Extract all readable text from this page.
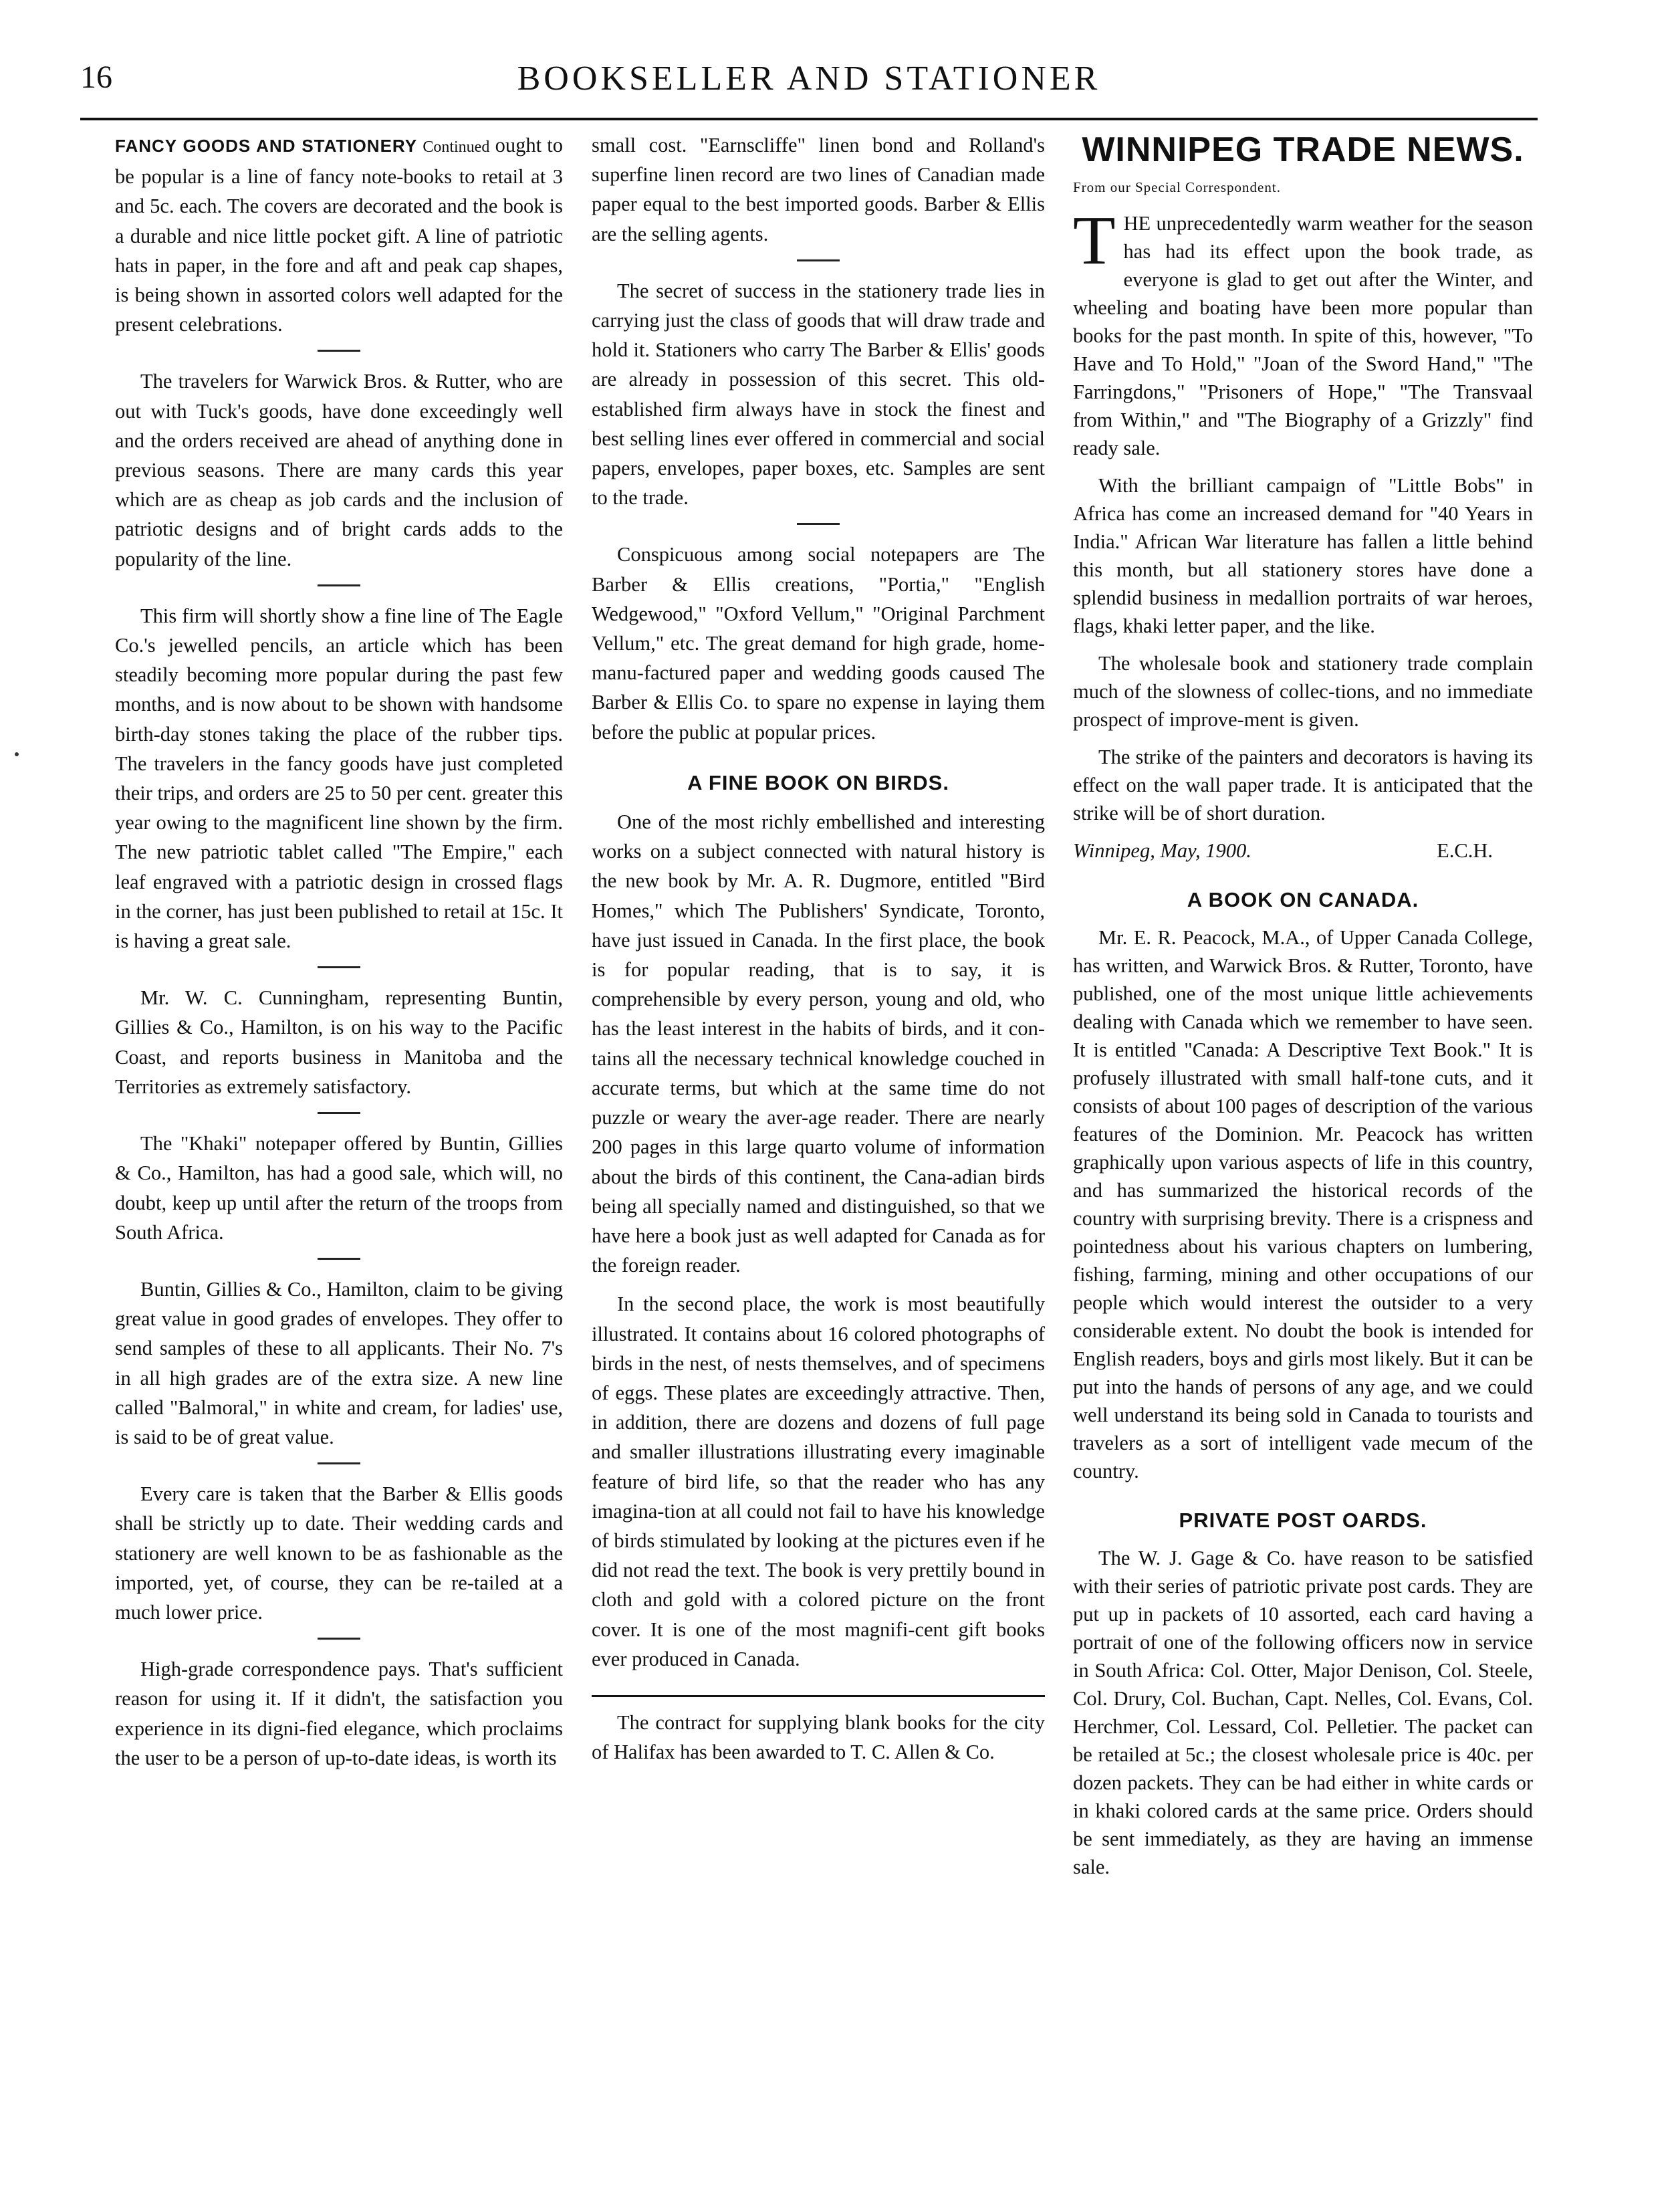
16	BOOKSELLER AND STATIONER

FANCY GOODS AND STATIONERY Continued ought to be popular is a line of fancy note-books to retail at 3 and 5c. each. The covers are decorated and the book is a durable and nice little pocket gift. A line of patriotic hats in paper, in the fore and aft and peak cap shapes, is being shown in assorted colors well adapted for the present celebrations.

The travelers for Warwick Bros. & Rutter, who are out with Tuck's goods, have done exceedingly well and the orders received are ahead of anything done in previous seasons. There are many cards this year which are as cheap as job cards and the inclusion of patriotic designs and of bright cards adds to the popularity of the line.

This firm will shortly show a fine line of The Eagle Co.'s jewelled pencils, an article which has been steadily becoming more popular during the past few months, and is now about to be shown with handsome birth-day stones taking the place of the rubber tips. The travelers in the fancy goods have just completed their trips, and orders are 25 to 50 per cent. greater this year owing to the magnificent line shown by the firm. The new patriotic tablet called "The Empire," each leaf engraved with a patriotic design in crossed flags in the corner, has just been published to retail at 15c. It is having a great sale.

Mr. W. C. Cunningham, representing Buntin, Gillies & Co., Hamilton, is on his way to the Pacific Coast, and reports business in Manitoba and the Territories as extremely satisfactory.

The "Khaki" notepaper offered by Buntin, Gillies & Co., Hamilton, has had a good sale, which will, no doubt, keep up until after the return of the troops from South Africa.

Buntin, Gillies & Co., Hamilton, claim to be giving great value in good grades of envelopes. They offer to send samples of these to all applicants. Their No. 7's in all high grades are of the extra size. A new line called "Balmoral," in white and cream, for ladies' use, is said to be of great value.

Every care is taken that the Barber & Ellis goods shall be strictly up to date. Their wedding cards and stationery are well known to be as fashionable as the imported, yet, of course, they can be re-tailed at a much lower price.

High-grade correspondence pays. That's sufficient reason for using it. If it didn't, the satisfaction you experience in its digni-fied elegance, which proclaims the user to be a person of up-to-date ideas, is worth its

small cost. "Earnscliffe" linen bond and Rolland's superfine linen record are two lines of Canadian made paper equal to the best imported goods. Barber & Ellis are the selling agents.

The secret of success in the stationery trade lies in carrying just the class of goods that will draw trade and hold it. Stationers who carry The Barber & Ellis' goods are already in possession of this secret. This old-established firm always have in stock the finest and best selling lines ever offered in commercial and social papers, envelopes, paper boxes, etc. Samples are sent to the trade.

Conspicuous among social notepapers are The Barber & Ellis creations, "Portia," "English Wedgewood," "Oxford Vellum," "Original Parchment Vellum," etc. The great demand for high grade, home-manu-factured paper and wedding goods caused The Barber & Ellis Co. to spare no expense in laying them before the public at popular prices.

A FINE BOOK ON BIRDS.

One of the most richly embellished and interesting works on a subject connected with natural history is the new book by Mr. A. R. Dugmore, entitled "Bird Homes," which The Publishers' Syndicate, Toronto, have just issued in Canada. In the first place, the book is for popular reading, that is to say, it is comprehensible by every person, young and old, who has the least interest in the habits of birds, and it con-tains all the necessary technical knowledge couched in accurate terms, but which at the same time do not puzzle or weary the aver-age reader. There are nearly 200 pages in this large quarto volume of information about the birds of this continent, the Cana-adian birds being all specially named and distinguished, so that we have here a book just as well adapted for Canada as for the foreign reader.

In the second place, the work is most beautifully illustrated. It contains about 16 colored photographs of birds in the nest, of nests themselves, and of specimens of eggs. These plates are exceedingly attractive. Then, in addition, there are dozens and dozens of full page and smaller illustrations illustrating every imaginable feature of bird life, so that the reader who has any imagina-tion at all could not fail to have his knowledge of birds stimulated by looking at the pictures even if he did not read the text. The book is very prettily bound in cloth and gold with a colored picture on the front cover. It is one of the most magnifi-cent gift books ever produced in Canada.

The contract for supplying blank books for the city of Halifax has been awarded to T. C. Allen & Co.

WINNIPEG TRADE NEWS.
From our Special Correspondent.

T HE unprecedentedly warm weather for the season has had its effect upon the book trade, as everyone is glad to get out after the Winter, and wheeling and boating have been more popular than books for the past month. In spite of this, however, "To Have and To Hold," "Joan of the Sword Hand," "The Farringdons," "Prisoners of Hope," "The Transvaal from Within," and "The Biography of a Grizzly" find ready sale.

With the brilliant campaign of "Little Bobs" in Africa has come an increased demand for "40 Years in India." African War literature has fallen a little behind this month, but all stationery stores have done a splendid business in medallion portraits of war heroes, flags, khaki letter paper, and the like.

The wholesale book and stationery trade complain much of the slowness of collec-tions, and no immediate prospect of improve-ment is given.

The strike of the painters and decorators is having its effect on the wall paper trade. It is anticipated that the strike will be of short duration.

Winnipeg, May, 1900.	E.C.H.
A BOOK ON CANADA.

Mr. E. R. Peacock, M.A., of Upper Canada College, has written, and Warwick Bros. & Rutter, Toronto, have published, one of the most unique little achievements dealing with Canada which we remember to have seen. It is entitled "Canada: A Descriptive Text Book." It is profusely illustrated with small half-tone cuts, and it consists of about 100 pages of description of the various features of the Dominion. Mr. Peacock has written graphically upon various aspects of life in this country, and has summarized the historical records of the country with surprising brevity. There is a crispness and pointedness about his various chapters on lumbering, fishing, farming, mining and other occupations of our people which would interest the outsider to a very considerable extent. No doubt the book is intended for English readers, boys and girls most likely. But it can be put into the hands of persons of any age, and we could well understand its being sold in Canada to tourists and travelers as a sort of intelligent vade mecum of the country.

PRIVATE POST OARDS.

The W. J. Gage & Co. have reason to be satisfied with their series of patriotic private post cards. They are put up in packets of 10 assorted, each card having a portrait of one of the following officers now in service in South Africa: Col. Otter, Major Denison, Col. Steele, Col. Drury, Col. Buchan, Capt. Nelles, Col. Evans, Col. Herchmer, Col. Lessard, Col. Pelletier. The packet can be retailed at 5c.; the closest wholesale price is 40c. per dozen packets. They can be had either in white cards or in khaki colored cards at the same price. Orders should be sent immediately, as they are having an immense sale.
